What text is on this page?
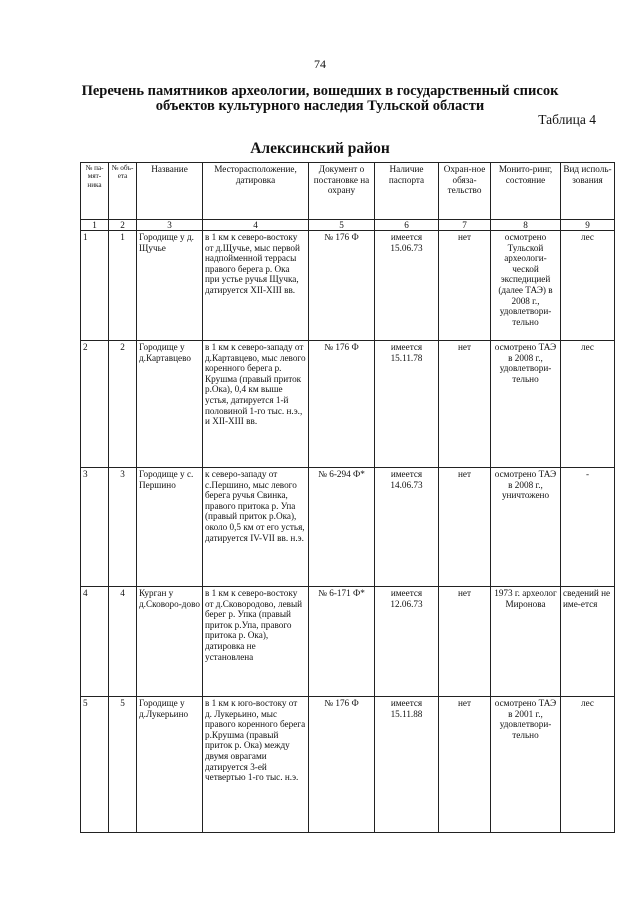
74
Перечень памятников археологии, вошедших в государственный список
объектов культурного наследия Тульской области
Таблица 4
Алексинский район
№ па-мят-ника	№ объ-ета	Название	Месторасположение, датировка	Документ о постановке на охрану	Наличие паспорта	Охран-ное обяза-тельство	Монито-ринг, состояние	Вид исполь-зования
1	2	3	4	5	6	7	8	9
1	1	Городище у д. Щучье	в 1 км к северо-востоку от д.Щучье, мыс первой надпойменной террасы правого берега р. Ока при устье ручья Щучка, датируется XII-XIII вв.	№ 176 Ф	имеется 15.06.73	нет	осмотрено Тульской археологи-ческой экспедицией (далее ТАЭ) в 2008 г., удовлетвори-тельно	лес
2	2	Городище у д.Картавцево	в 1 км к северо-западу от д.Картавцево, мыс левого коренного берега р. Крушма (правый приток р.Ока), 0,4 км выше устья, датируется 1-й половиной 1-го тыс. н.э., и XII-XIII вв.	№ 176 Ф	имеется 15.11.78	нет	осмотрено ТАЭ в 2008 г., удовлетвори-тельно	лес
3	3	Городище у с. Першино	к северо-западу от с.Першино, мыс левого берега ручья Свинка, правого притока р. Упа (правый приток р.Ока), около 0,5 км от его устья, датируется IV-VII вв. н.э.	№ 6-294 Ф*	имеется 14.06.73	нет	осмотрено ТАЭ в 2008 г., уничтожено	-
4	4	Курган у д.Сковоро-дово	в 1 км к северо-востоку от д.Сковородово, левый берег р. Упка (правый приток р.Упа, правого притока р. Ока), датировка не установлена	№ 6-171 Ф*	имеется 12.06.73	нет	1973 г. археолог Миронова	сведений не име-ется
5	5	Городище у д.Лукерьино	в 1 км к юго-востоку от д. Лукерьино, мыс правого коренного берега р.Крушма (правый приток р. Ока) между двумя оврагами датируется 3-ей четвертью 1-го тыс. н.э.	№ 176 Ф	имеется 15.11.88	нет	осмотрено ТАЭ в 2001 г., удовлетвори-тельно	лес
